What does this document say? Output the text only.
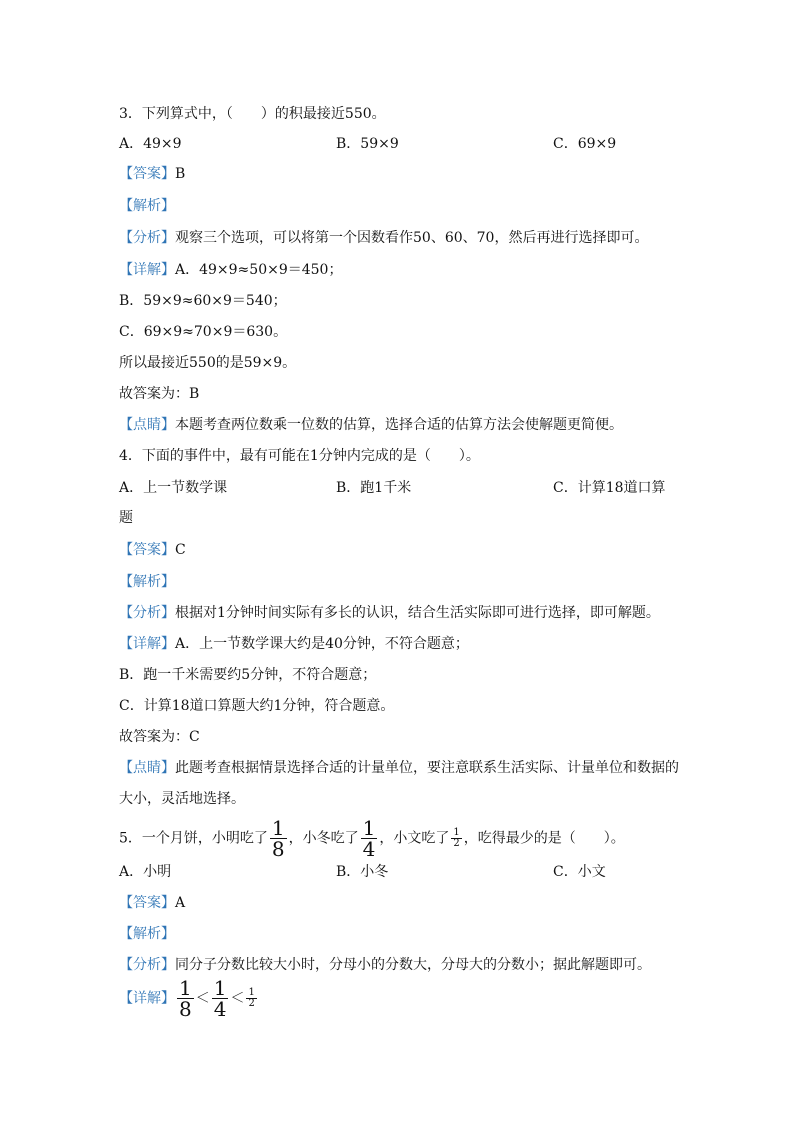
3．下列算式中，（　　）的积最接近550。
A．49×9	B．59×9	C．69×9
【答案】B
【解析】
【分析】观察三个选项，可以将第一个因数看作50、60、70，然后再进行选择即可。
【详解】A．49×9≈50×9＝450；
B．59×9≈60×9＝540；
C．69×9≈70×9＝630。
所以最接近550的是59×9。
故答案为：B
【点睛】本题考查两位数乘一位数的估算，选择合适的估算方法会使解题更简便。
4．下面的事件中，最有可能在1分钟内完成的是（　　）。
A．上一节数学课	B．跑1千米	C．计算18道口算
题
【答案】C
【解析】
【分析】根据对1分钟时间实际有多长的认识，结合生活实际即可进行选择，即可解题。
【详解】A．上一节数学课大约是40分钟，不符合题意；
B．跑一千米需要约5分钟，不符合题意；
C．计算18道口算题大约1分钟，符合题意。
故答案为：C
【点睛】此题考查根据情景选择合适的计量单位，要注意联系生活实际、计量单位和数据的
大小，灵活地选择。
5．一个月饼，小明吃了 $\frac{1}{8}$ ，小冬吃了 $\frac{1}{4}$ ，小文吃了 $\frac{1}{2}$ ，吃得最少的是（　　）。
A．小明	B．小冬	C．小文
【答案】A
【解析】
【分析】同分子分数比较大小时，分母小的分数大，分母大的分数小；据此解题即可。
【详解】 $\frac{1}{8} < \frac{1}{4} < \frac{1}{2}$
